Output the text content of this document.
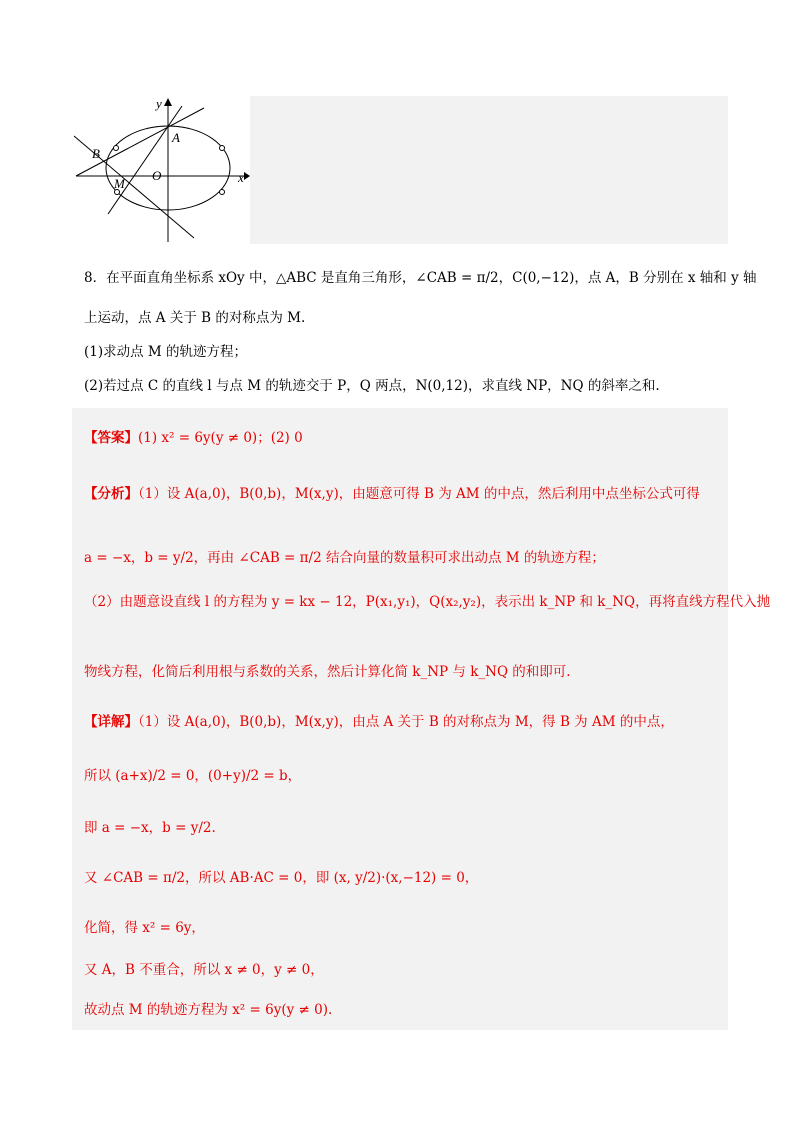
y
x
A
B
M
O
8．在平面直角坐标系 xOy 中，△ABC 是直角三角形，∠CAB = π/2，C(0,−12)，点 A，B 分别在 x 轴和 y 轴
上运动，点 A 关于 B 的对称点为 M.
(1)求动点 M 的轨迹方程；
(2)若过点 C 的直线 l 与点 M 的轨迹交于 P，Q 两点，N(0,12)，求直线 NP，NQ 的斜率之和.
【答案】(1) x² = 6y(y ≠ 0)；(2) 0
【分析】（1）设 A(a,0)，B(0,b)，M(x,y)，由题意可得 B 为 AM 的中点，然后利用中点坐标公式可得
a = −x，b = y/2，再由 ∠CAB = π/2 结合向量的数量积可求出动点 M 的轨迹方程；
（2）由题意设直线 l 的方程为 y = kx − 12，P(x₁,y₁)，Q(x₂,y₂)，表示出 k_NP 和 k_NQ，再将直线方程代入抛
物线方程，化简后利用根与系数的关系，然后计算化简 k_NP 与 k_NQ 的和即可.
【详解】（1）设 A(a,0)，B(0,b)，M(x,y)，由点 A 关于 B 的对称点为 M，得 B 为 AM 的中点，
所以 (a+x)/2 = 0，(0+y)/2 = b，
即 a = −x，b = y/2.
又 ∠CAB = π/2，所以 AB·AC = 0，即 (x, y/2)·(x,−12) = 0，
化简，得 x² = 6y，
又 A，B 不重合，所以 x ≠ 0，y ≠ 0，
故动点 M 的轨迹方程为 x² = 6y(y ≠ 0).
